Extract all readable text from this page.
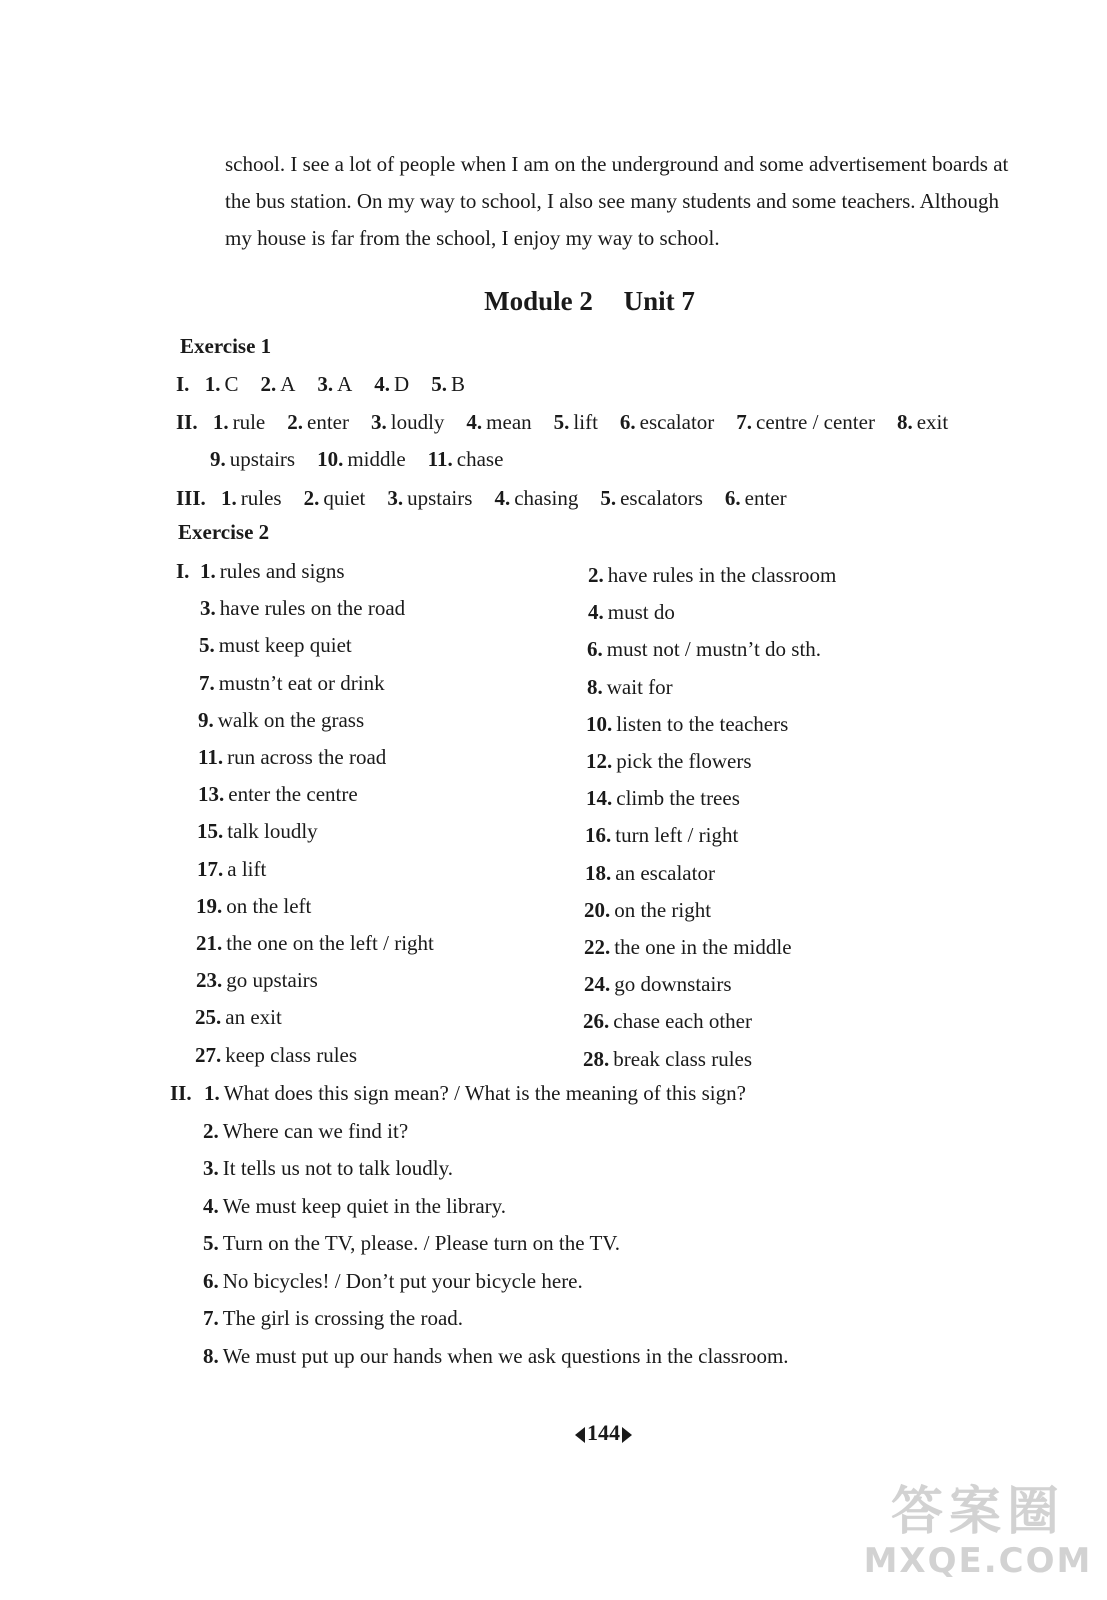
school. I see a lot of people when I am on the underground and some advertisement boards at

the bus station. On my way to school, I also see many students and some teachers. Although

my house is far from the school, I enjoy my way to school.

Module 2 Unit 7
Exercise 1
I. 1. C 2. A 3. A 4. D 5. B
II. 1. rule 2. enter 3. loudly 4. mean 5. lift 6. escalator 7. centre / center 8. exit
9. upstairs 10. middle 11. chase
III. 1. rules 2. quiet 3. upstairs 4. chasing 5. escalators 6. enter
Exercise 2
I. 1. rules and signs	2. have rules in the classroom
3. have rules on the road	4. must do
5. must keep quiet	6. must not / mustn’t do sth.
7. mustn’t eat or drink	8. wait for
9. walk on the grass	10. listen to the teachers
11. run across the road	12. pick the flowers
13. enter the centre	14. climb the trees
15. talk loudly	16. turn left / right
17. a lift	18. an escalator
19. on the left	20. on the right
21. the one on the left / right	22. the one in the middle
23. go upstairs	24. go downstairs
25. an exit	26. chase each other
27. keep class rules	28. break class rules
II. 1. What does this sign mean? / What is the meaning of this sign?
2. Where can we find it?
3. It tells us not to talk loudly.
4. We must keep quiet in the library.
5. Turn on the TV, please. / Please turn on the TV.
6. No bicycles! / Don’t put your bicycle here.
7. The girl is crossing the road.
8. We must put up our hands when we ask questions in the classroom.
144
答案圈
MXQE.COM
